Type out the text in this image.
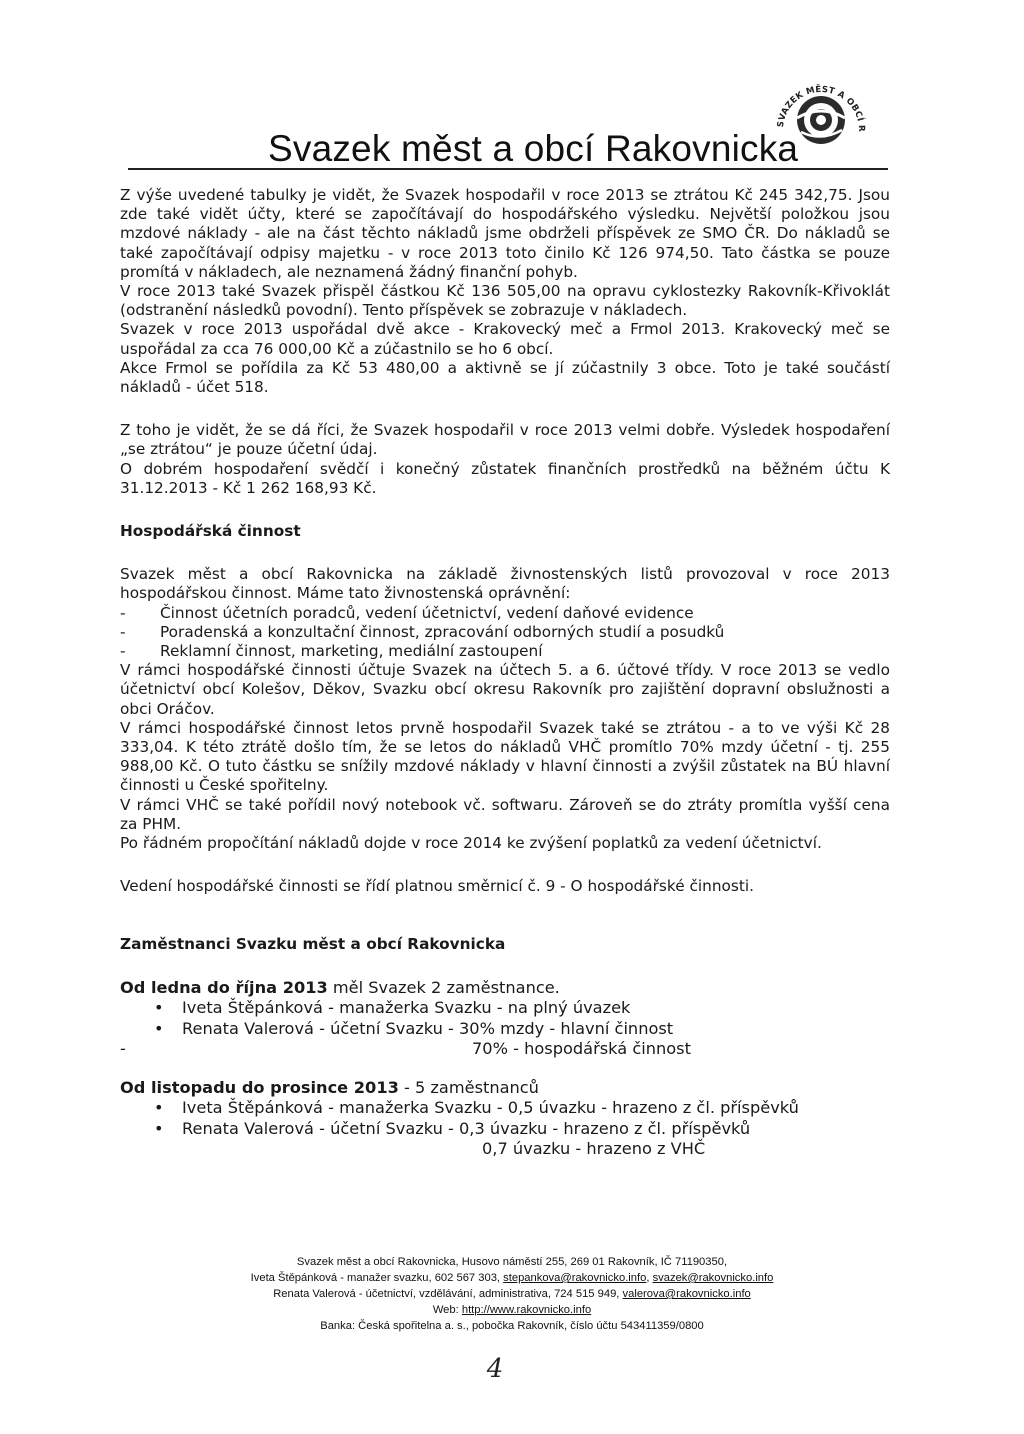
Svazek měst a obcí Rakovnicka
SVAZEK MĚST A OBCÍ R

Z výše uvedené tabulky je vidět, že Svazek hospodařil v roce 2013 se ztrátou Kč 245 342,75. Jsou zde také vidět účty, které se započítávají do hospodářského výsledku. Největší položkou jsou mzdové náklady - ale na část těchto nákladů jsme obdrželi příspěvek ze SMO ČR. Do nákladů se také započítávají odpisy majetku - v roce 2013 toto činilo Kč 126 974,50. Tato částka se pouze promítá v nákladech, ale neznamená žádný finanční pohyb.

V roce 2013 také Svazek přispěl částkou Kč 136 505,00 na opravu cyklostezky Rakovník-Křivoklát (odstranění následků povodní). Tento příspěvek se zobrazuje v nákladech.

Svazek v roce 2013 uspořádal dvě akce - Krakovecký meč a Frmol 2013. Krakovecký meč se uspořádal za cca 76 000,00 Kč a zúčastnilo se ho 6 obcí.

Akce Frmol se pořídila za Kč 53 480,00 a aktivně se jí zúčastnily 3 obce. Toto je také součástí nákladů - účet 518.

Z toho je vidět, že se dá říci, že Svazek hospodařil v roce 2013 velmi dobře. Výsledek hospodaření „se ztrátou“ je pouze účetní údaj.

O dobrém hospodaření svědčí i konečný zůstatek finančních prostředků na běžném účtu K 31.12.2013 - Kč 1 262 168,93 Kč.

Hospodářská činnost

Svazek měst a obcí Rakovnicka na základě živnostenských listů provozoval v roce 2013 hospodářskou činnost. Máme tato živnostenská oprávnění:

- Činnost účetních poradců, vedení účetnictví, vedení daňové evidence
- Poradenská a konzultační činnost, zpracování odborných studií a posudků
- Reklamní činnost, marketing, mediální zastoupení

V rámci hospodářské činnosti účtuje Svazek na účtech 5. a 6. účtové třídy. V roce 2013 se vedlo účetnictví obcí Kolešov, Děkov, Svazku obcí okresu Rakovník pro zajištění dopravní obslužnosti a obci Oráčov.

V rámci hospodářské činnost letos prvně hospodařil Svazek také se ztrátou - a to ve výši Kč 28 333,04. K této ztrátě došlo tím, že se letos do nákladů VHČ promítlo 70% mzdy účetní - tj. 255 988,00 Kč. O tuto částku se snížily mzdové náklady v hlavní činnosti a zvýšil zůstatek na BÚ hlavní činnosti u České spořitelny.

V rámci VHČ se také pořídil nový notebook vč. softwaru. Zároveň se do ztráty promítla vyšší cena za PHM.

Po řádném propočítání nákladů dojde v roce 2014 ke zvýšení poplatků za vedení účetnictví.

Vedení hospodářské činnosti se řídí platnou směrnicí č. 9 - O hospodářské činnosti.

Zaměstnanci Svazku měst a obcí Rakovnicka

Od ledna do října 2013 měl Svazek 2 zaměstnance.

• Iveta Štěpánková - manažerka Svazku - na plný úvazek
• Renata Valerová - účetní Svazku - 30% mzdy - hlavní činnost
-	70% - hospodářská činnost

Od listopadu do prosince 2013 - 5 zaměstnanců

• Iveta Štěpánková - manažerka Svazku - 0,5 úvazku - hrazeno z čl. příspěvků
• Renata Valerová - účetní Svazku - 0,3 úvazku - hrazeno z čl. příspěvků
0,7 úvazku - hrazeno z VHČ
Svazek měst a obcí Rakovnicka, Husovo náměstí 255, 269 01 Rakovník, IČ 71190350,
Iveta Štěpánková - manažer svazku, 602 567 303, stepankova@rakovnicko.info, svazek@rakovnicko.info
Renata Valerová - účetnictví, vzdělávání, administrativa, 724 515 949, valerova@rakovnicko.info
Web: http://www.rakovnicko.info
Banka: Česká spořitelna a. s., pobočka Rakovník, číslo účtu 543411359/0800
4
